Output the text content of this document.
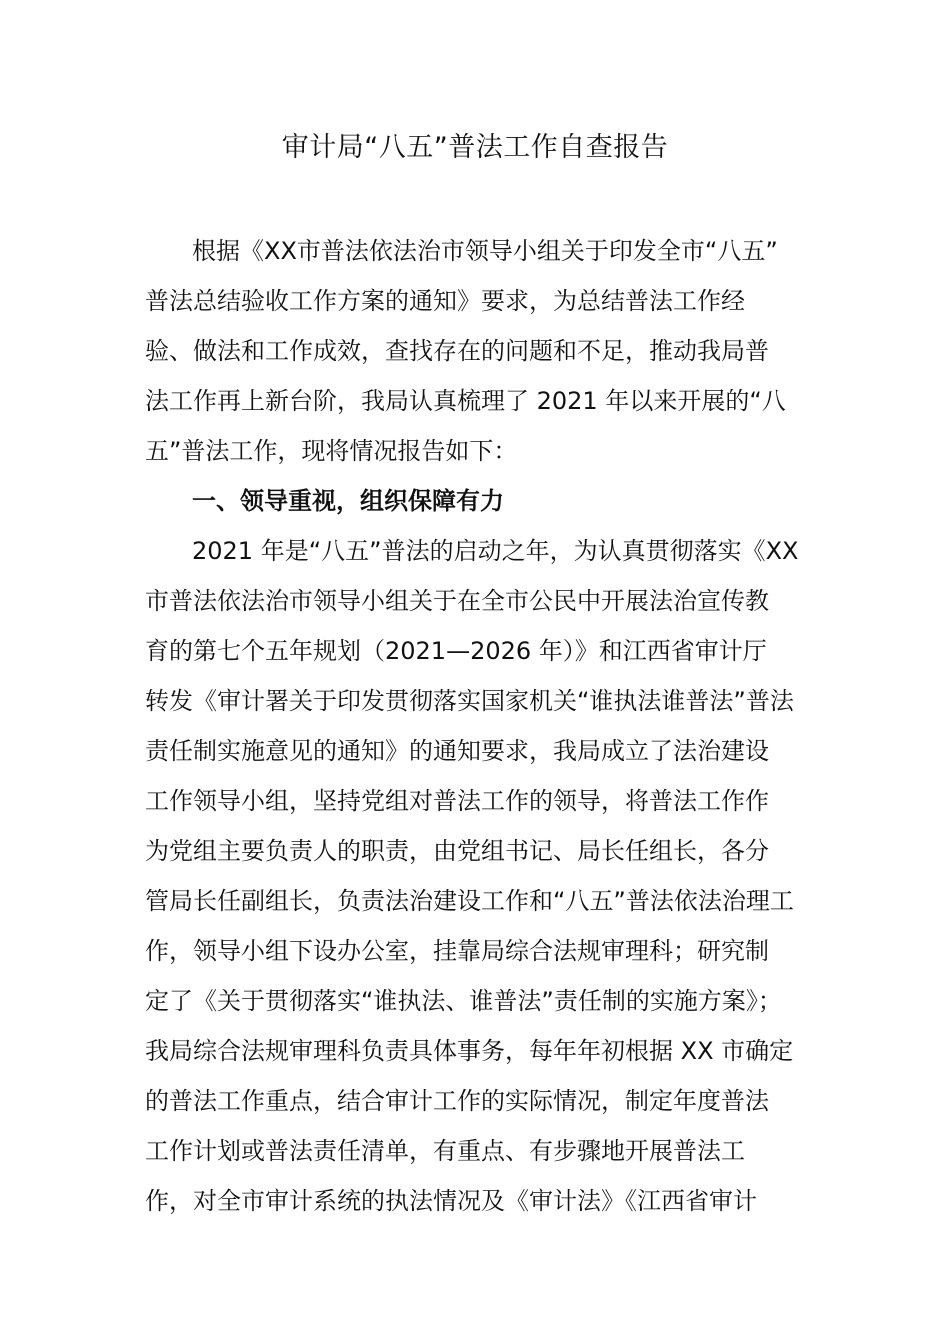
审计局“八五”普法工作自查报告
根据《XX市普法依法治市领导小组关于印发全市“八五”
普法总结验收工作方案的通知》要求，为总结普法工作经
验、做法和工作成效，查找存在的问题和不足，推动我局普
法工作再上新台阶，我局认真梳理了 2021 年以来开展的“八
五”普法工作，现将情况报告如下：
一、领导重视，组织保障有力
2021 年是“八五”普法的启动之年，为认真贯彻落实《XX
市普法依法治市领导小组关于在全市公民中开展法治宣传教
育的第七个五年规划（2021—2026 年）》和江西省审计厅
转发《审计署关于印发贯彻落实国家机关“谁执法谁普法”普法
责任制实施意见的通知》的通知要求，我局成立了法治建设
工作领导小组，坚持党组对普法工作的领导，将普法工作作
为党组主要负责人的职责，由党组书记、局长任组长，各分
管局长任副组长，负责法治建设工作和“八五”普法依法治理工
作，领导小组下设办公室，挂靠局综合法规审理科；研究制
定了《关于贯彻落实“谁执法、谁普法”责任制的实施方案》；
我局综合法规审理科负责具体事务，每年年初根据 XX 市确定
的普法工作重点，结合审计工作的实际情况，制定年度普法
工作计划或普法责任清单，有重点、有步骤地开展普法工
作，对全市审计系统的执法情况及《审计法》《江西省审计
